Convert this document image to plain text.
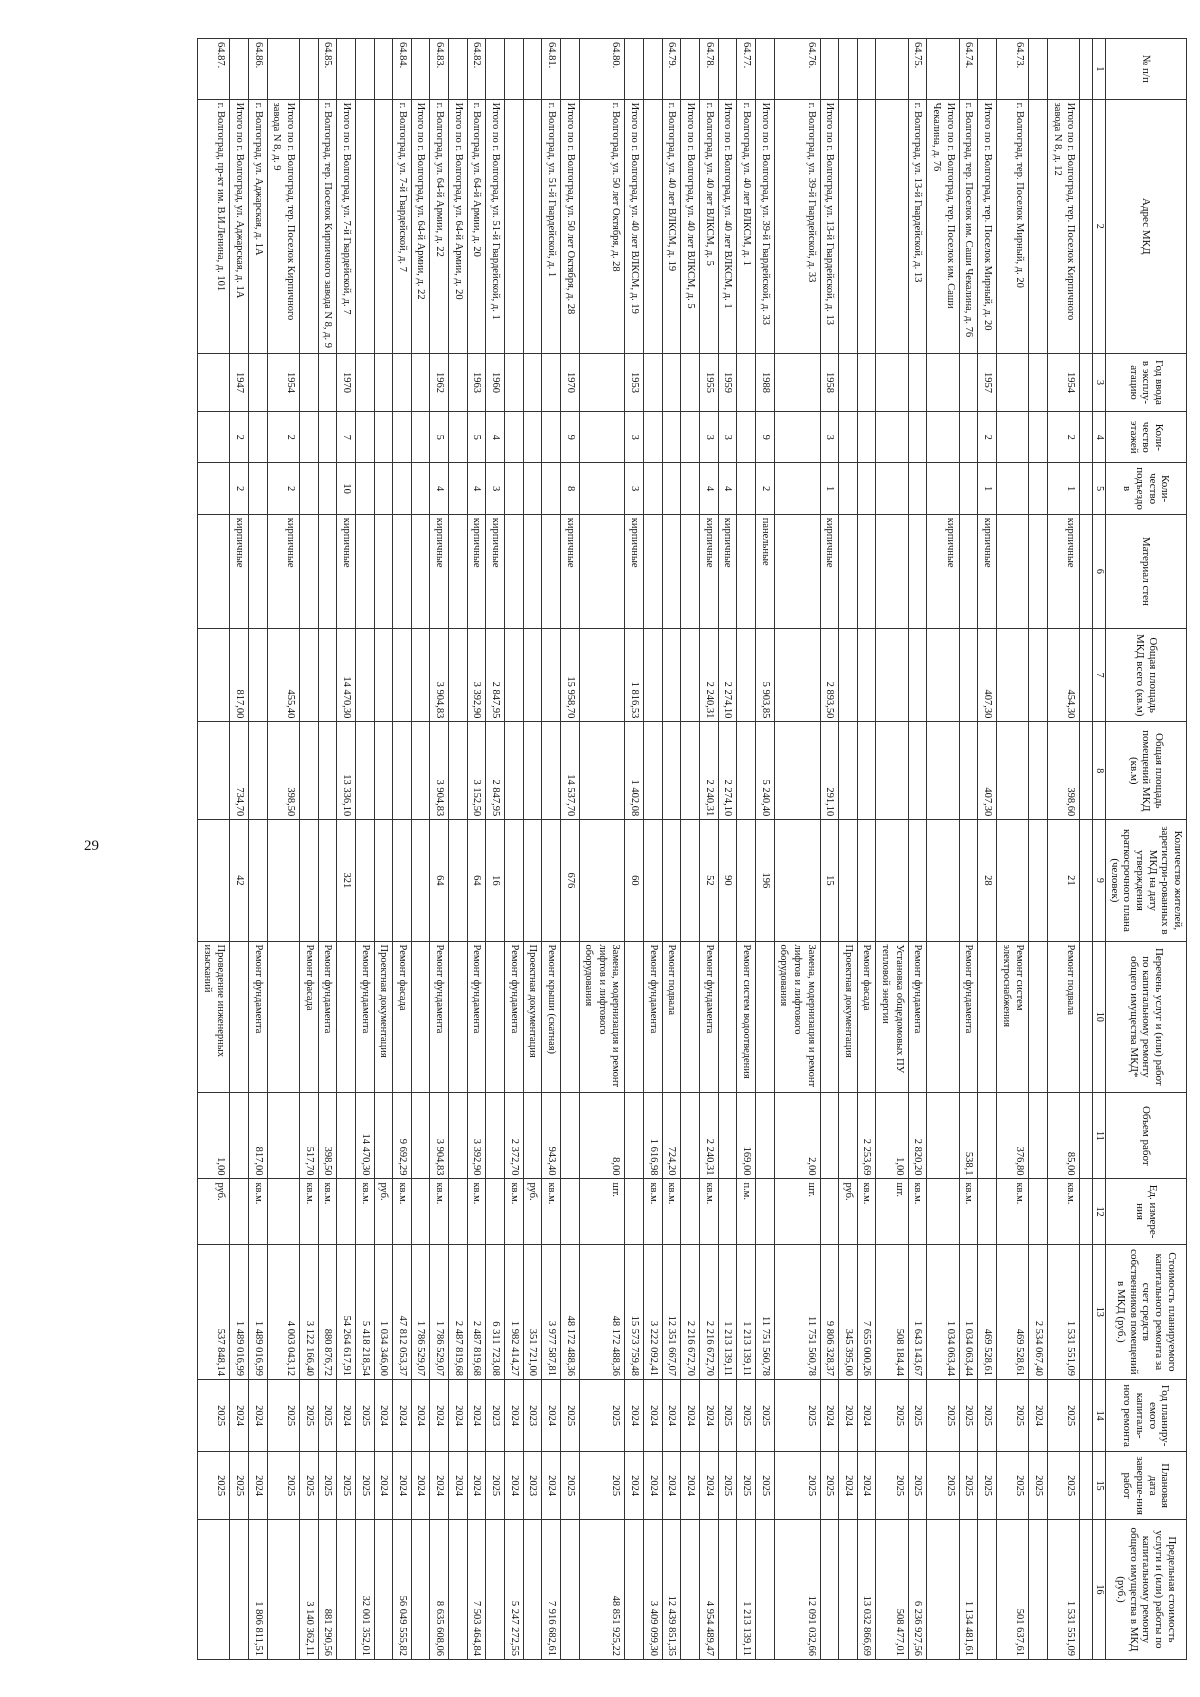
29
№ п/п	Адрес МКД	Год ввода в эксплу-атацию	Коли-чество этажей	Коли-чество подъездо в	Материал стен	Общая площадь МКД всего (кв.м)	Общая площадь помещений МКД (кв.м)	Количество жителей, зарегистри-рованных в МКД на дату утверждения краткосрочного плана (человек)	Перечень услуг и (или) работ по капитальному ремонту общего имущества МКД*	Объем работ	Ед. измере-ния	Стоимость планируемого капитального ремонта за счет средств собственников помещений в МКД (руб.)	Год планиру-емого капиталь-ного ремонта	Плановая дата заверше-ния работ	Предельная стоимость услуги и (или) работы по капитальному ремонту общего имущества в МКД (руб.)
1	2	3	4	5	6	7	8	9	10	11	12	13	14	15	16

	Итого по г. Волгоград, тер. Поселок Кирпичного завода N 8, д. 12	1954	2	1	кирпичные	454,30	398,60	21	Ремонт подвала	85,00	кв.м.	1 531 551,09	2025	2025	1 531 551,09
												2 534 067,40	2024	2025	
64.73.	г. Волгоград, тер. Поселок Мирный, д. 20								Ремонт систем электроснабжения	376,80	кв.м.	469 528,61	2025	2025	501 637,61
	Итого по г. Волгоград, тер. Поселок Мирный, д. 20	1957	2	1	кирпичные	407,30	407,30	28				469 528,61	2025	2025	
64.74.	г. Волгоград, тер. Поселок им. Саши Чекалина, д. 76								Ремонт фундамента	538,1	кв.м.	1 034 063,44	2025	2025	1 134 481,61
	Итого по г. Волгоград, тер. Поселок им. Саши Чекалина, д. 76				кирпичные							1 034 063,44	2025	2025	
64.75.	г. Волгоград, ул. 13-й Гвардейской, д. 13								Ремонт фундамента	2 820,20	кв.м.	1 643 143,67	2025	2025	6 236 927,56
									Установка общедомовых ПУ тепловой энергии	1,00	шт.	508 184,44	2025	2025	508 477,01
									Ремонт фасада	2 253,69	кв.м.	7 655 000,26	2024	2024	13 032 866,69
									Проектная документация		руб.	345 395,00	2024	2024	
	Итого по г. Волгоград, ул. 13-й Гвардейской, д. 13	1958	3	1	кирпичные	2 893,50	291,10	15				9 806 328,37	2024	2025	
64.76.	г. Волгоград, ул. 39-й Гвардейской, д. 33								Замена, модернизация и ремонт лифтов и лифтового оборудования	2,00	шт.	11 751 560,78	2025	2025	12 091 032,66
	Итого по г. Волгоград, ул. 39-й Гвардейской, д. 33	1988	9	2	панельные	5 903,85	5 240,40	196				11 751 560,78	2025	2025	
64.77.	г. Волгоград, ул. 40 лет ВЛКСМ, д. 1								Ремонт систем водоотведения	169,00	п.м.	1 213 139,11	2025	2025	1 213 139,11
	Итого по г. Волгоград, ул. 40 лет ВЛКСМ, д. 1	1959	3	4	кирпичные	2 274,10	2 274,10	90				1 213 139,11	2025	2025	
64.78.	г. Волгоград, ул. 40 лет ВЛКСМ, д. 5	1955	3	4	кирпичные	2 240,31	2 240,31	52	Ремонт фундамента	2 240,31	кв.м.	2 216 672,70	2024	2024	4 954 489,47
	Итого по г. Волгоград, ул. 40 лет ВЛКСМ, д. 5											2 216 672,70	2024	2024	
64.79.	г. Волгоград, ул. 40 лет ВЛКСМ, д. 19								Ремонт подвала	724,20	кв.м.	12 351 667,07	2024	2024	12 439 851,35
									Ремонт фундамента	1 616,98	кв.м.	3 222 092,41	2024	2024	3 409 099,30
	Итого по г. Волгоград, ул. 40 лет ВЛКСМ, д. 19	1953	3	3	кирпичные	1 816,53	1 402,08	60				15 573 759,48	2024	2024	
64.80.	г. Волгоград, ул. 50 лет Октября, д. 28								Замена, модернизация и ремонт лифтов и лифтового оборудования	8,00	шт.	48 172 488,36	2025	2025	48 851 925,22
	Итого по г. Волгоград, ул. 50 лет Октября, д. 28	1970	9	8	кирпичные	15 958,70	14 537,70	676				48 172 488,36	2025	2025	
64.81.	г. Волгоград, ул. 51-й Гвардейской, д. 1								Ремонт крыши (скатная)	943,40	кв.м.	3 977 587,81	2024	2024	7 916 682,61
									Проектная документация		руб.	351 721,00	2023	2023	
									Ремонт фундамента	2 372,70	кв.м.	1 982 414,27	2024	2024	5 247 272,55
	Итого по г. Волгоград, ул. 51-й Гвардейской, д. 1	1960	4	3	кирпичные	2 847,95	2 847,95	16				6 311 723,08	2023	2025	
64.82.	г. Волгоград, ул. 64-й Армии, д. 20	1963	5	4	кирпичные	3 392,90	3 152,50	64	Ремонт фундамента	3 392,90	кв.м.	2 487 819,68	2024	2024	7 503 464,84
	Итого по г. Волгоград, ул. 64-й Армии, д. 20											2 487 819,68	2024	2024	
64.83.	г. Волгоград, ул. 64-й Армии, д. 22	1962	5	4	кирпичные	3 904,83	3 904,83	64	Ремонт фундамента	3 904,83	кв.м.	1 786 529,07	2024	2024	8 635 608,06
	Итого по г. Волгоград, ул. 64-й Армии, д. 22											1 786 529,07	2024	2024	
64.84.	г. Волгоград, ул. 7-й Гвардейской, д. 7								Ремонт фасада	9 692,29	кв.м.	47 812 053,37	2024	2024	56 049 555,82
									Проектная документация		руб.	1 034 346,00	2024	2024	
									Ремонт фундамента	14 470,30	кв.м.	5 418 218,54	2025	2025	32 001 352,01
	Итого по г. Волгоград, ул. 7-й Гвардейской, д. 7	1970	7	10	кирпичные	14 470,30	13 336,10	321				54 264 617,91	2024	2025	
64.85.	г. Волгоград, тер. Поселок Кирпичного завода N 8, д. 9								Ремонт фундамента	398,50	кв.м.	880 876,72	2025	2025	881 290,56
									Ремонт фасада	517,70	кв.м.	3 122 166,40	2025	2025	3 140 362,11
	Итого по г. Волгоград, тер. Поселок Кирпичного завода N 8, д. 9	1954	2	2	кирпичные	455,40	398,50					4 003 043,12	2025	2025	
64.86.	г. Волгоград, ул. Аджарская, д. 1А								Ремонт фундамента	817,00	кв.м.	1 489 016,99	2024	2024	1 806 811,51
	Итого по г. Волгоград, ул. Аджарская, д. 1А	1947	2	2	кирпичные	817,00	734,70	42				1 489 016,99	2024	2025	
64.87.	г. Волгоград, пр-кт им. В.И.Ленина, д. 101								Проведение инженерных изысканий	1,00	руб.	537 848,14	2025	2025	
